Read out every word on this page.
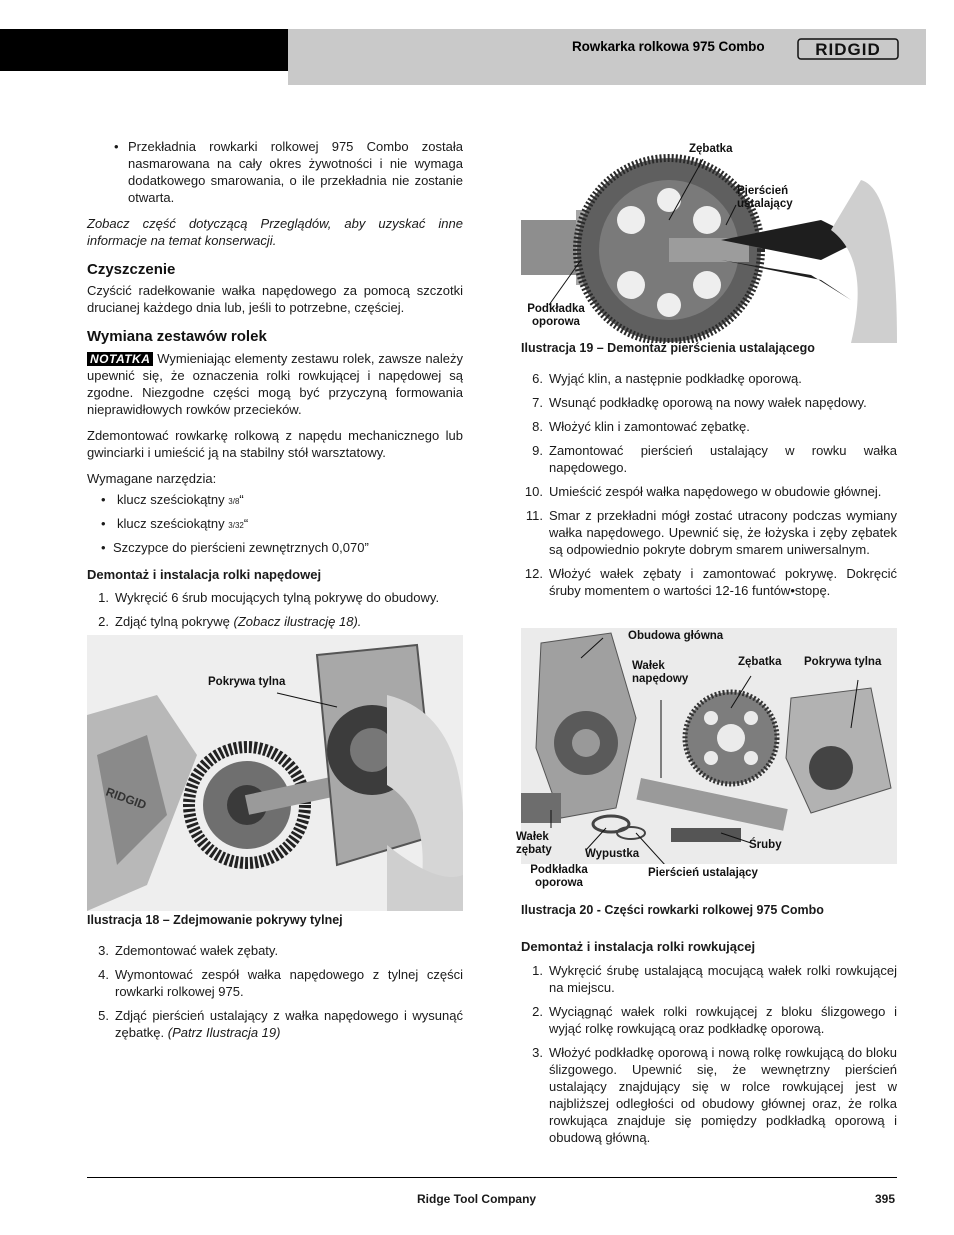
Rowkarka rolkowa 975 Combo	RIDGID

• Przekładnia rowkarki rolkowej 975 Combo została nasmarowana na cały okres żywotności i nie wymaga dodatkowego smarowania, o ile przekładnia nie zostanie otwarta.

Zobacz część dotyczącą Przeglądów, aby uzyskać inne informacje na temat konserwacji.

Czyszczenie

Czyścić radełkowanie wałka napędowego za pomocą szczotki drucianej każdego dnia lub, jeśli to potrzebne, częściej.

Wymiana zestawów rolek

NOTATKA Wymieniając elementy zestawu rolek, zawsze należy upewnić się, że oznaczenia rolki rowkującej i napędowej są zgodne. Niezgodne części mogą być przyczyną formowania nieprawidłowych rowków przecieków.

Zdemontować rowkarkę rolkową z napędu mechanicznego lub gwinciarki i umieścić ją na stabilny stół warsztatowy.

Wymagane narzędzia:

• klucz sześciokątny 3/8“
• klucz sześciokątny 3/32“
• Szczypce do pierścieni zewnętrznych 0,070”
Demontaż i instalacja rolki napędowej
1. Wykręcić 6 śrub mocujących tylną pokrywę do obudowy.
2. Zdjąć tylną pokrywę (Zobacz ilustrację 18).
RIDGID
Pokrywa tylna
Ilustracja 18 – Zdejmowanie pokrywy tylnej
3. Zdemontować wałek zębaty.
4. Wymontować zespół wałka napędowego z tylnej części rowkarki rolkowej 975.
5. Zdjąć pierścień ustalający z wałka napędowego i wysunąć zębatkę. (Patrz Ilustracja 19)
Zębatka
Pierścień ustalający
Podkładka oporowa
Ilustracja 19 – Demontaż pierścienia ustalającego
6. Wyjąć klin, a następnie podkładkę oporową.
7. Wsunąć podkładkę oporową na nowy wałek napędowy.
8. Włożyć klin i zamontować zębatkę.
9. Zamontować pierścień ustalający w rowku wałka napędowego.
10. Umieścić zespół wałka napędowego w obudowie głównej.
11. Smar z przekładni mógł zostać utracony podczas wymiany wałka napędowego. Upewnić się, że łożyska i zęby zębatek są odpowiednio pokryte dobrym smarem uniwersalnym.
12. Włożyć wałek zębaty i zamontować pokrywę. Dokręcić śruby momentem o wartości 12-16 funtów•stopę.
Obudowa główna
Wałek napędowy
Zębatka Pokrywa tylna
Wałek zębaty	Wypustka
Śruby
Podkładka oporowa
Pierścień ustalający
Ilustracja 20 - Części rowkarki rolkowej 975 Combo
Demontaż i instalacja rolki rowkującej
1. Wykręcić śrubę ustalającą mocującą wałek rolki rowkującej na miejscu.
2. Wyciągnąć wałek rolki rowkującej z bloku ślizgowego i wyjąć rolkę rowkującą oraz podkładkę oporową.
3. Włożyć podkładkę oporową i nową rolkę rowkującą do bloku ślizgowego. Upewnić się, że wewnętrzny pierścień ustalający znajdujący się w rolce rowkującej jest w najbliższej odległości od obudowy głównej oraz, że rolka rowkująca znajduje się pomiędzy podkładką oporową i obudową główną.
Ridge Tool Company	395
